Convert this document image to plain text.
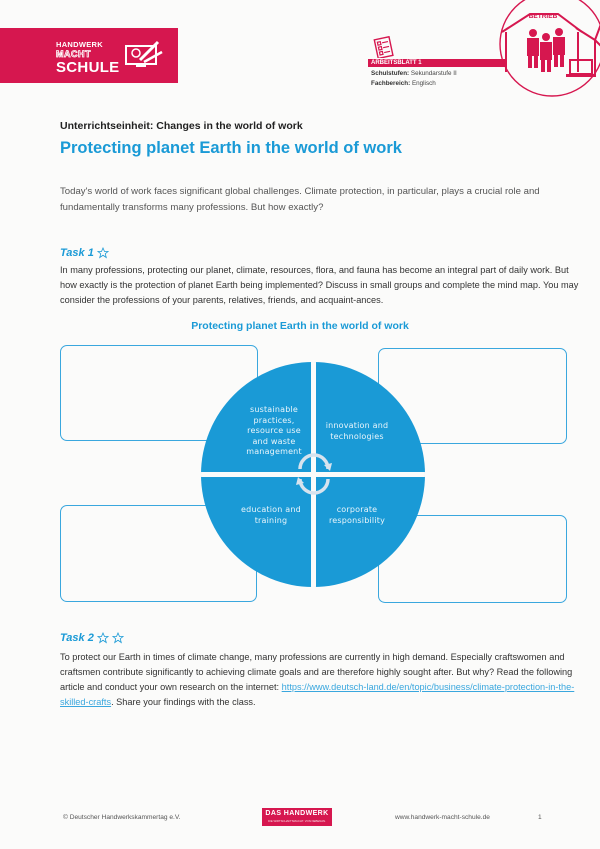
HANDWERK
MACHT
SCHULE	ARBEITSBLATT 1
Schulstufen: Sekundarstufe II
Fachbereich: Englisch
BETRIEB
Unterrichtseinheit: Changes in the world of work
Protecting planet Earth in the world of work

Today's world of work faces significant global challenges. Climate protection, in particular, plays a crucial role and fundamentally transforms many professions. But how exactly?

Task 1

In many professions, protecting our planet, climate, resources, flora, and fauna has become an integral part of daily work. But how exactly is the protection of planet Earth being implemented? Discuss in small groups and complete the mind map. You may consider the professions of your parents, relatives, friends, and acquaint-ances.

Protecting planet Earth in the world of work
sustainable practices, resource use and waste management
innovation and technologies
education and training
corporate responsibility
Task 2

To protect our Earth in times of climate change, many professions are currently in high demand. Especially craftswomen and craftsmen contribute significantly to achieving climate goals and are therefore highly sought after. But why? Read the following article and conduct your own research on the internet: https://www.deutsch-land.de/en/topic/business/climate-protection-in-the-skilled-crafts. Share your findings with the class.

© Deutscher Handwerkskammertag e.V.
DAS HANDWERK
DIE WIRTSCHAFTSMACHT. VON NEBENAN.	www.handwerk-macht-schule.de	1
